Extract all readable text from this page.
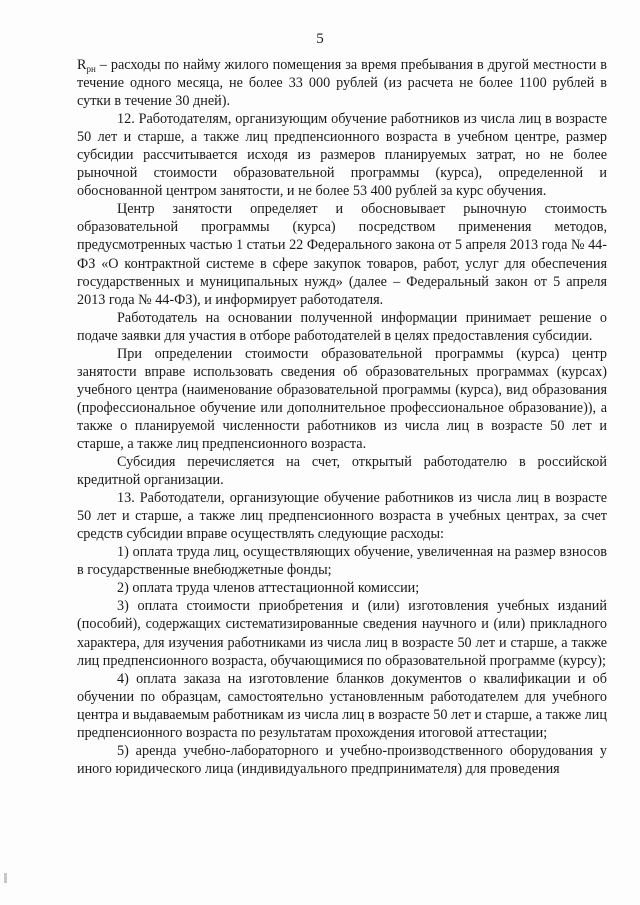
5

$R_{рн}$ – расходы по найму жилого помещения за время пребывания в другой местности в течение одного месяца, не более 33 000 рублей (из расчета не более 1100 рублей в сутки в течение 30 дней).

12. Работодателям, организующим обучение работников из числа лиц в возрасте 50 лет и старше, а также лиц предпенсионного возраста в учебном центре, размер субсидии рассчитывается исходя из размеров планируемых затрат, но не более рыночной стоимости образовательной программы (курса), определенной и обоснованной центром занятости, и не более 53 400 рублей за курс обучения.

Центр занятости определяет и обосновывает рыночную стоимость образовательной программы (курса) посредством применения методов, предусмотренных частью 1 статьи 22 Федерального закона от 5 апреля 2013 года № 44-ФЗ «О контрактной системе в сфере закупок товаров, работ, услуг для обеспечения государственных и муниципальных нужд» (далее – Федеральный закон от 5 апреля 2013 года № 44-ФЗ), и информирует работодателя.

Работодатель на основании полученной информации принимает решение о подаче заявки для участия в отборе работодателей в целях предоставления субсидии.

При определении стоимости образовательной программы (курса) центр занятости вправе использовать сведения об образовательных программах (курсах) учебного центра (наименование образовательной программы (курса), вид образования (профессиональное обучение или дополнительное профессиональное образование)), а также о планируемой численности работников из числа лиц в возрасте 50 лет и старше, а также лиц предпенсионного возраста.

Субсидия перечисляется на счет, открытый работодателю в российской кредитной организации.

13. Работодатели, организующие обучение работников из числа лиц в возрасте 50 лет и старше, а также лиц предпенсионного возраста в учебных центрах, за счет средств субсидии вправе осуществлять следующие расходы:

1) оплата труда лиц, осуществляющих обучение, увеличенная на размер взносов в государственные внебюджетные фонды;

2) оплата труда членов аттестационной комиссии;

3) оплата стоимости приобретения и (или) изготовления учебных изданий (пособий), содержащих систематизированные сведения научного и (или) прикладного характера, для изучения работниками из числа лиц в возрасте 50 лет и старше, а также лиц предпенсионного возраста, обучающимися по образовательной программе (курсу);

4) оплата заказа на изготовление бланков документов о квалификации и об обучении по образцам, самостоятельно установленным работодателем для учебного центра и выдаваемым работникам из числа лиц в возрасте 50 лет и старше, а также лиц предпенсионного возраста по результатам прохождения итоговой аттестации;

5) аренда учебно-лабораторного и учебно-производственного оборудования у иного юридического лица (индивидуального предпринимателя) для проведения
